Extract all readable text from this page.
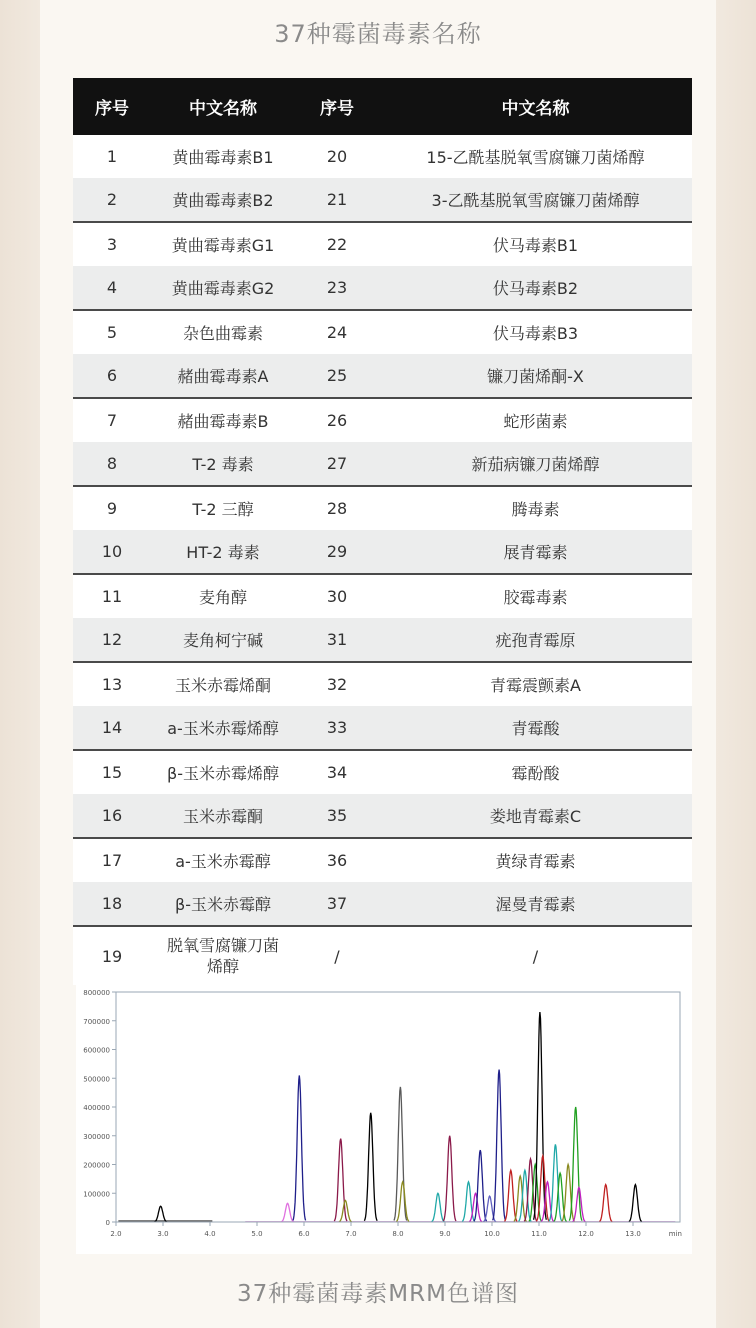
37种霉菌毒素名称
序号	中文名称	序号	中文名称
1	黄曲霉毒素B1	20	15-乙酰基脱氧雪腐镰刀菌烯醇
2	黄曲霉毒素B2	21	3-乙酰基脱氧雪腐镰刀菌烯醇
3	黄曲霉毒素G1	22	伏马毒素B1
4	黄曲霉毒素G2	23	伏马毒素B2
5	杂色曲霉素	24	伏马毒素B3
6	赭曲霉毒素A	25	镰刀菌烯酮-X
7	赭曲霉毒素B	26	蛇形菌素
8	T-2 毒素	27	新茄病镰刀菌烯醇
9	T-2 三醇	28	腾毒素
10	HT-2 毒素	29	展青霉素
11	麦角醇	30	胶霉毒素
12	麦角柯宁碱	31	疣孢青霉原
13	玉米赤霉烯酮	32	青霉震颤素A
14	a-玉米赤霉烯醇	33	青霉酸
15	β-玉米赤霉烯醇	34	霉酚酸
16	玉米赤霉酮	35	娄地青霉素C
17	a-玉米赤霉醇	36	黄绿青霉素
18	β-玉米赤霉醇	37	渥曼青霉素
19	脱氧雪腐镰刀菌烯醇	/	/
0
100000
200000
300000
400000
500000
600000
700000
800000
2.0	3.0	4.0	5.0	6.0	7.0	8.0	9.0	10.0	11.0	12.0	13.0	min
37种霉菌毒素MRM色谱图
